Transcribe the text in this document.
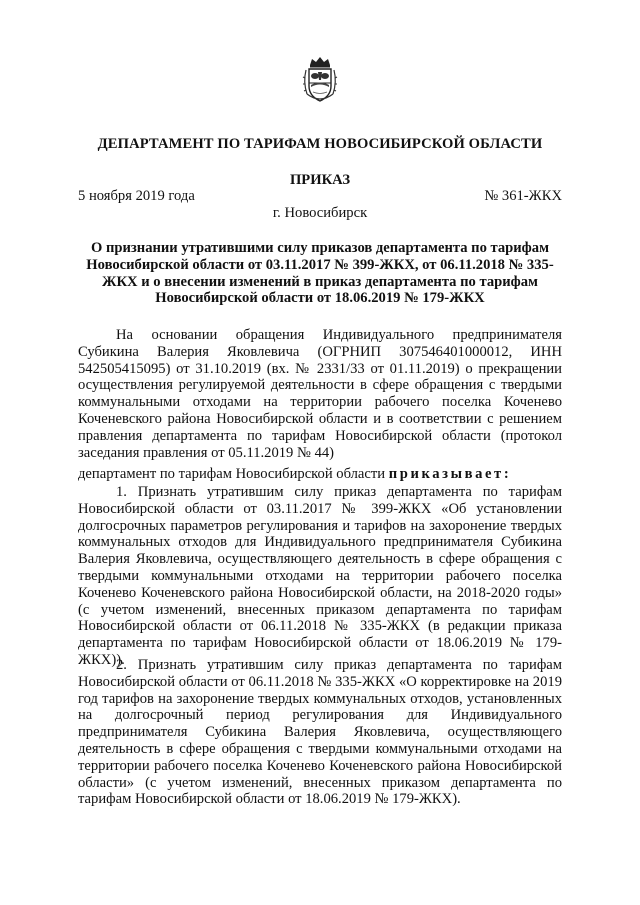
ДЕПАРТАМЕНТ ПО ТАРИФАМ НОВОСИБИРСКОЙ ОБЛАСТИ
ПРИКАЗ
5 ноября 2019 года	№ 361-ЖКХ
г. Новосибирск
О признании утратившими силу приказов департамента по тарифам Новосибирской области от 03.11.2017 № 399-ЖКХ, от 06.11.2018 № 335-ЖКХ и о внесении изменений в приказ департамента по тарифам Новосибирской области от 18.06.2019 № 179-ЖКХ

На основании обращения Индивидуального предпринимателя Субикина Валерия Яковлевича (ОГРНИП 307546401000012, ИНН 542505415095) от 31.10.2019 (вх. № 2331/33 от 01.11.2019) о прекращении осуществления регулируемой деятельности в сфере обращения с твердыми коммунальными отходами на территории рабочего поселка Коченево Коченевского района Новосибирской области и в соответствии с решением правления департамента по тарифам Новосибирской области (протокол заседания правления от 05.11.2019 № 44)

департамент по тарифам Новосибирской области приказывает:

1. Признать утратившим силу приказ департамента по тарифам Новосибирской области от 03.11.2017 № 399-ЖКХ «Об установлении долгосрочных параметров регулирования и тарифов на захоронение твердых коммунальных отходов для Индивидуального предпринимателя Субикина Валерия Яковлевича, осуществляющего деятельность в сфере обращения с твердыми коммунальными отходами на территории рабочего поселка Коченево Коченевского района Новосибирской области, на 2018-2020 годы» (с учетом изменений, внесенных приказом департамента по тарифам Новосибирской области от 06.11.2018 № 335-ЖКХ (в редакции приказа департамента по тарифам Новосибирской области от 18.06.2019 № 179-ЖКХ)).

2. Признать утратившим силу приказ департамента по тарифам Новосибирской области от 06.11.2018 № 335-ЖКХ «О корректировке на 2019 год тарифов на захоронение твердых коммунальных отходов, установленных на долгосрочный период регулирования для Индивидуального предпринимателя Субикина Валерия Яковлевича, осуществляющего деятельность в сфере обращения с твердыми коммунальными отходами на территории рабочего поселка Коченево Коченевского района Новосибирской области» (с учетом изменений, внесенных приказом департамента по тарифам Новосибирской области от 18.06.2019 № 179-ЖКХ).
